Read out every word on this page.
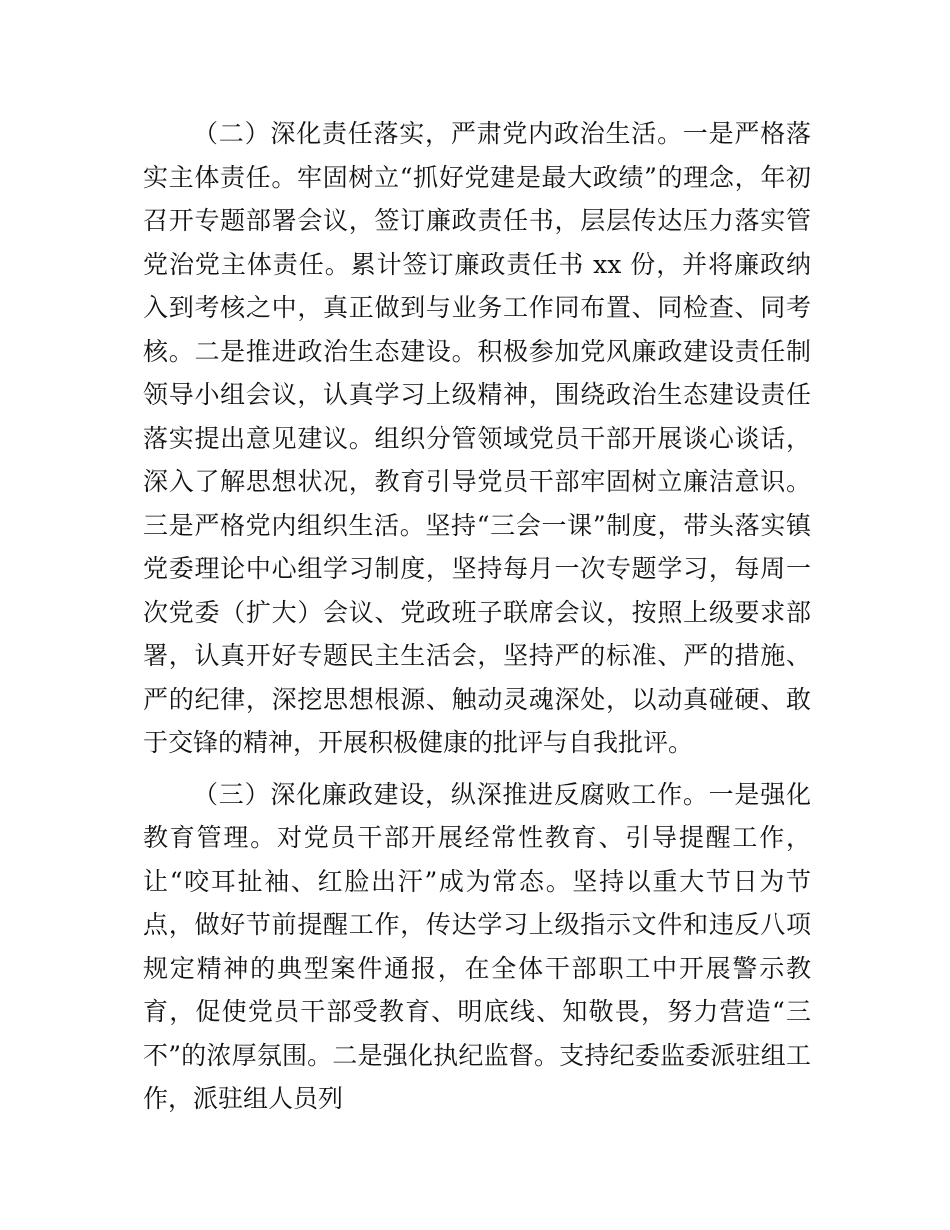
（二）深化责任落实，严肃党内政治生活。一是严格落实主体责任。牢固树立“抓好党建是最大政绩”的理念，年初召开专题部署会议，签订廉政责任书，层层传达压力落实管党治党主体责任。累计签订廉政责任书 xx 份，并将廉政纳入到考核之中，真正做到与业务工作同布置、同检查、同考核。二是推进政治生态建设。积极参加党风廉政建设责任制领导小组会议，认真学习上级精神，围绕政治生态建设责任落实提出意见建议。组织分管领域党员干部开展谈心谈话，深入了解思想状况，教育引导党员干部牢固树立廉洁意识。三是严格党内组织生活。坚持“三会一课”制度，带头落实镇党委理论中心组学习制度，坚持每月一次专题学习，每周一次党委（扩大）会议、党政班子联席会议，按照上级要求部署，认真开好专题民主生活会，坚持严的标准、严的措施、严的纪律，深挖思想根源、触动灵魂深处，以动真碰硬、敢于交锋的精神，开展积极健康的批评与自我批评。

（三）深化廉政建设，纵深推进反腐败工作。一是强化教育管理。对党员干部开展经常性教育、引导提醒工作，让“咬耳扯袖、红脸出汗”成为常态。坚持以重大节日为节点，做好节前提醒工作，传达学习上级指示文件和违反八项规定精神的典型案件通报，在全体干部职工中开展警示教育，促使党员干部受教育、明底线、知敬畏，努力营造“三不”的浓厚氛围。二是强化执纪监督。支持纪委监委派驻组工作，派驻组人员列
